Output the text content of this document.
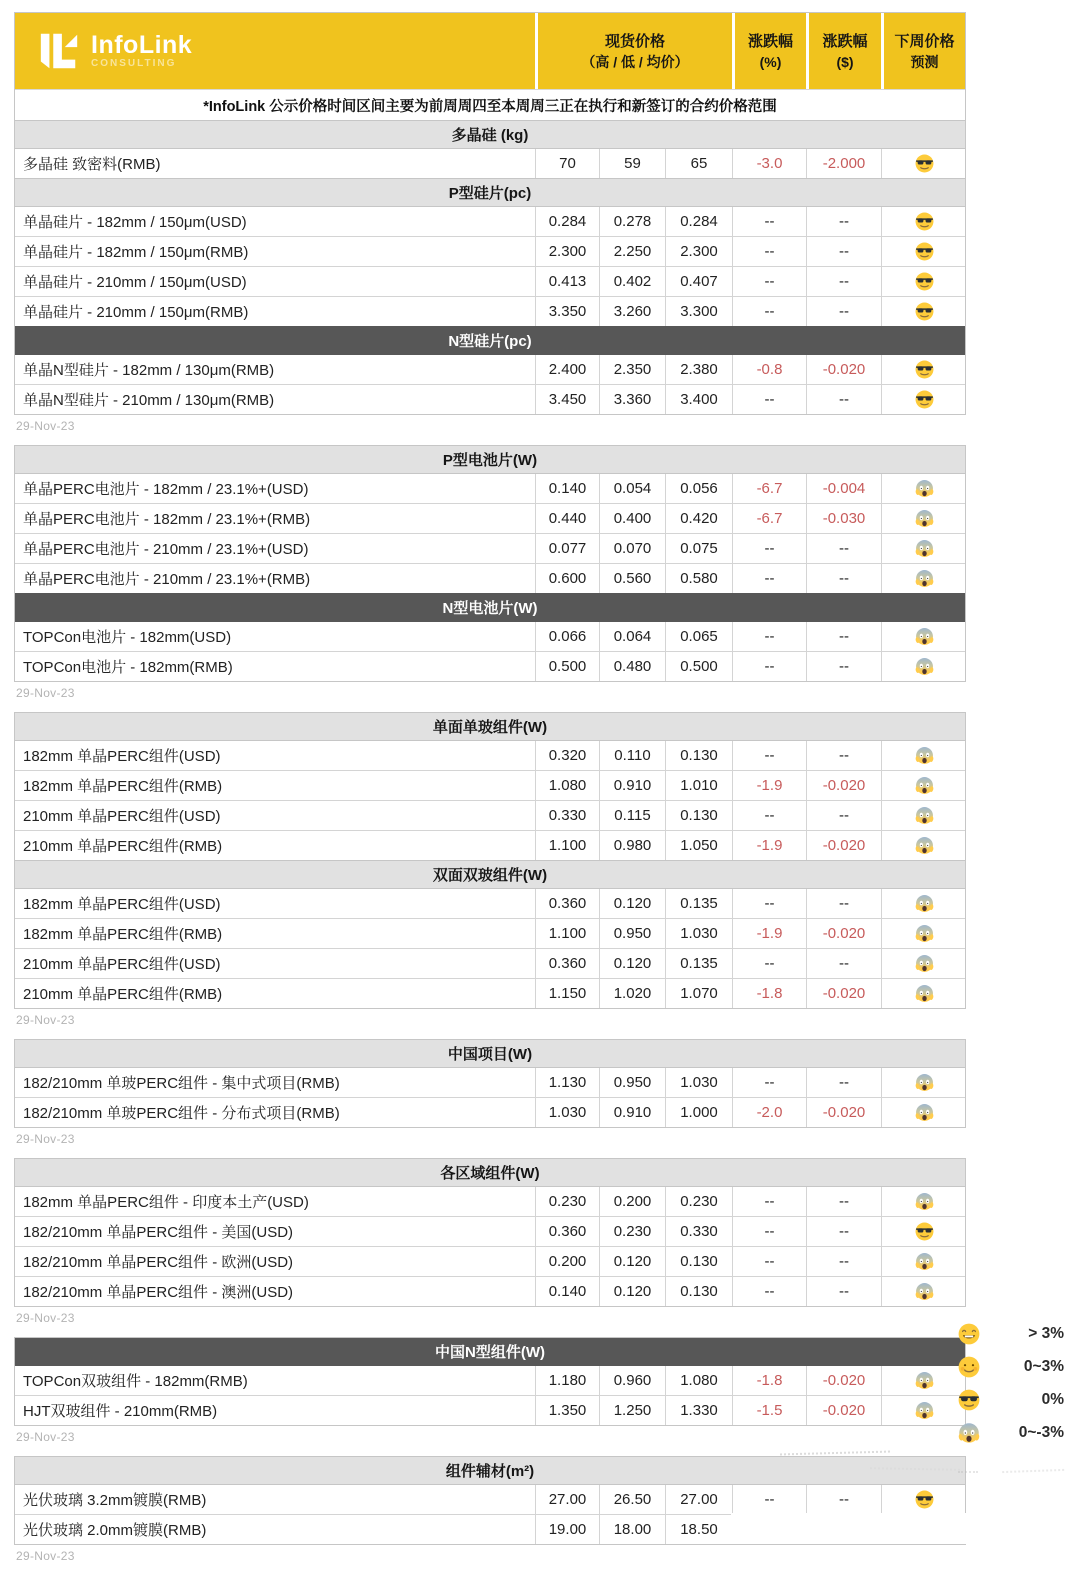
InfoLink
CONSULTING
现货价格
（高 / 低 / 均价）
涨跌幅
(%)
涨跌幅
($)
下周价格
预测
*InfoLink 公示价格时间区间主要为前周周四至本周周三正在执行和新签订的合约价格范围
多晶硅 (kg)
多晶硅 致密料(RMB)	70	59	65	-3.0	-2.000
P型硅片(pc)
单晶硅片 - 182mm / 150μm(USD)	0.284	0.278	0.284	--	--
单晶硅片 - 182mm / 150μm(RMB)	2.300	2.250	2.300	--	--
单晶硅片 - 210mm / 150μm(USD)	0.413	0.402	0.407	--	--
单晶硅片 - 210mm / 150μm(RMB)	3.350	3.260	3.300	--	--
N型硅片(pc)
单晶N型硅片 - 182mm / 130μm(RMB)	2.400	2.350	2.380	-0.8	-0.020
单晶N型硅片 - 210mm / 130μm(RMB)	3.450	3.360	3.400	--	--
29-Nov-23
P型电池片(W)
单晶PERC电池片 - 182mm / 23.1%+(USD)	0.140	0.054	0.056	-6.7	-0.004
单晶PERC电池片 - 182mm / 23.1%+(RMB)	0.440	0.400	0.420	-6.7	-0.030
单晶PERC电池片 - 210mm / 23.1%+(USD)	0.077	0.070	0.075	--	--
单晶PERC电池片 - 210mm / 23.1%+(RMB)	0.600	0.560	0.580	--	--
N型电池片(W)
TOPCon电池片 - 182mm(USD)	0.066	0.064	0.065	--	--
TOPCon电池片 - 182mm(RMB)	0.500	0.480	0.500	--	--
29-Nov-23
单面单玻组件(W)
182mm 单晶PERC组件(USD)	0.320	0.110	0.130	--	--
182mm 单晶PERC组件(RMB)	1.080	0.910	1.010	-1.9	-0.020
210mm 单晶PERC组件(USD)	0.330	0.115	0.130	--	--
210mm 单晶PERC组件(RMB)	1.100	0.980	1.050	-1.9	-0.020
双面双玻组件(W)
182mm 单晶PERC组件(USD)	0.360	0.120	0.135	--	--
182mm 单晶PERC组件(RMB)	1.100	0.950	1.030	-1.9	-0.020
210mm 单晶PERC组件(USD)	0.360	0.120	0.135	--	--
210mm 单晶PERC组件(RMB)	1.150	1.020	1.070	-1.8	-0.020
29-Nov-23
中国项目(W)
182/210mm 单玻PERC组件 - 集中式项目(RMB)	1.130	0.950	1.030	--	--
182/210mm 单玻PERC组件 - 分布式项目(RMB)	1.030	0.910	1.000	-2.0	-0.020
29-Nov-23
各区域组件(W)
182mm 单晶PERC组件 - 印度本土产(USD)	0.230	0.200	0.230	--	--
182/210mm 单晶PERC组件 - 美国(USD)	0.360	0.230	0.330	--	--
182/210mm 单晶PERC组件 - 欧洲(USD)	0.200	0.120	0.130	--	--
182/210mm 单晶PERC组件 - 澳洲(USD)	0.140	0.120	0.130	--	--
29-Nov-23
中国N型组件(W)
TOPCon双玻组件 - 182mm(RMB)	1.180	0.960	1.080	-1.8	-0.020
HJT双玻组件 - 210mm(RMB)	1.350	1.250	1.330	-1.5	-0.020
29-Nov-23
组件辅材(m²)
光伏玻璃 3.2mm镀膜(RMB)	27.00	26.50	27.00	--	--
光伏玻璃 2.0mm镀膜(RMB)	19.00	18.00	18.50
29-Nov-23
> 3%
0~3%
0%
0~-3%
